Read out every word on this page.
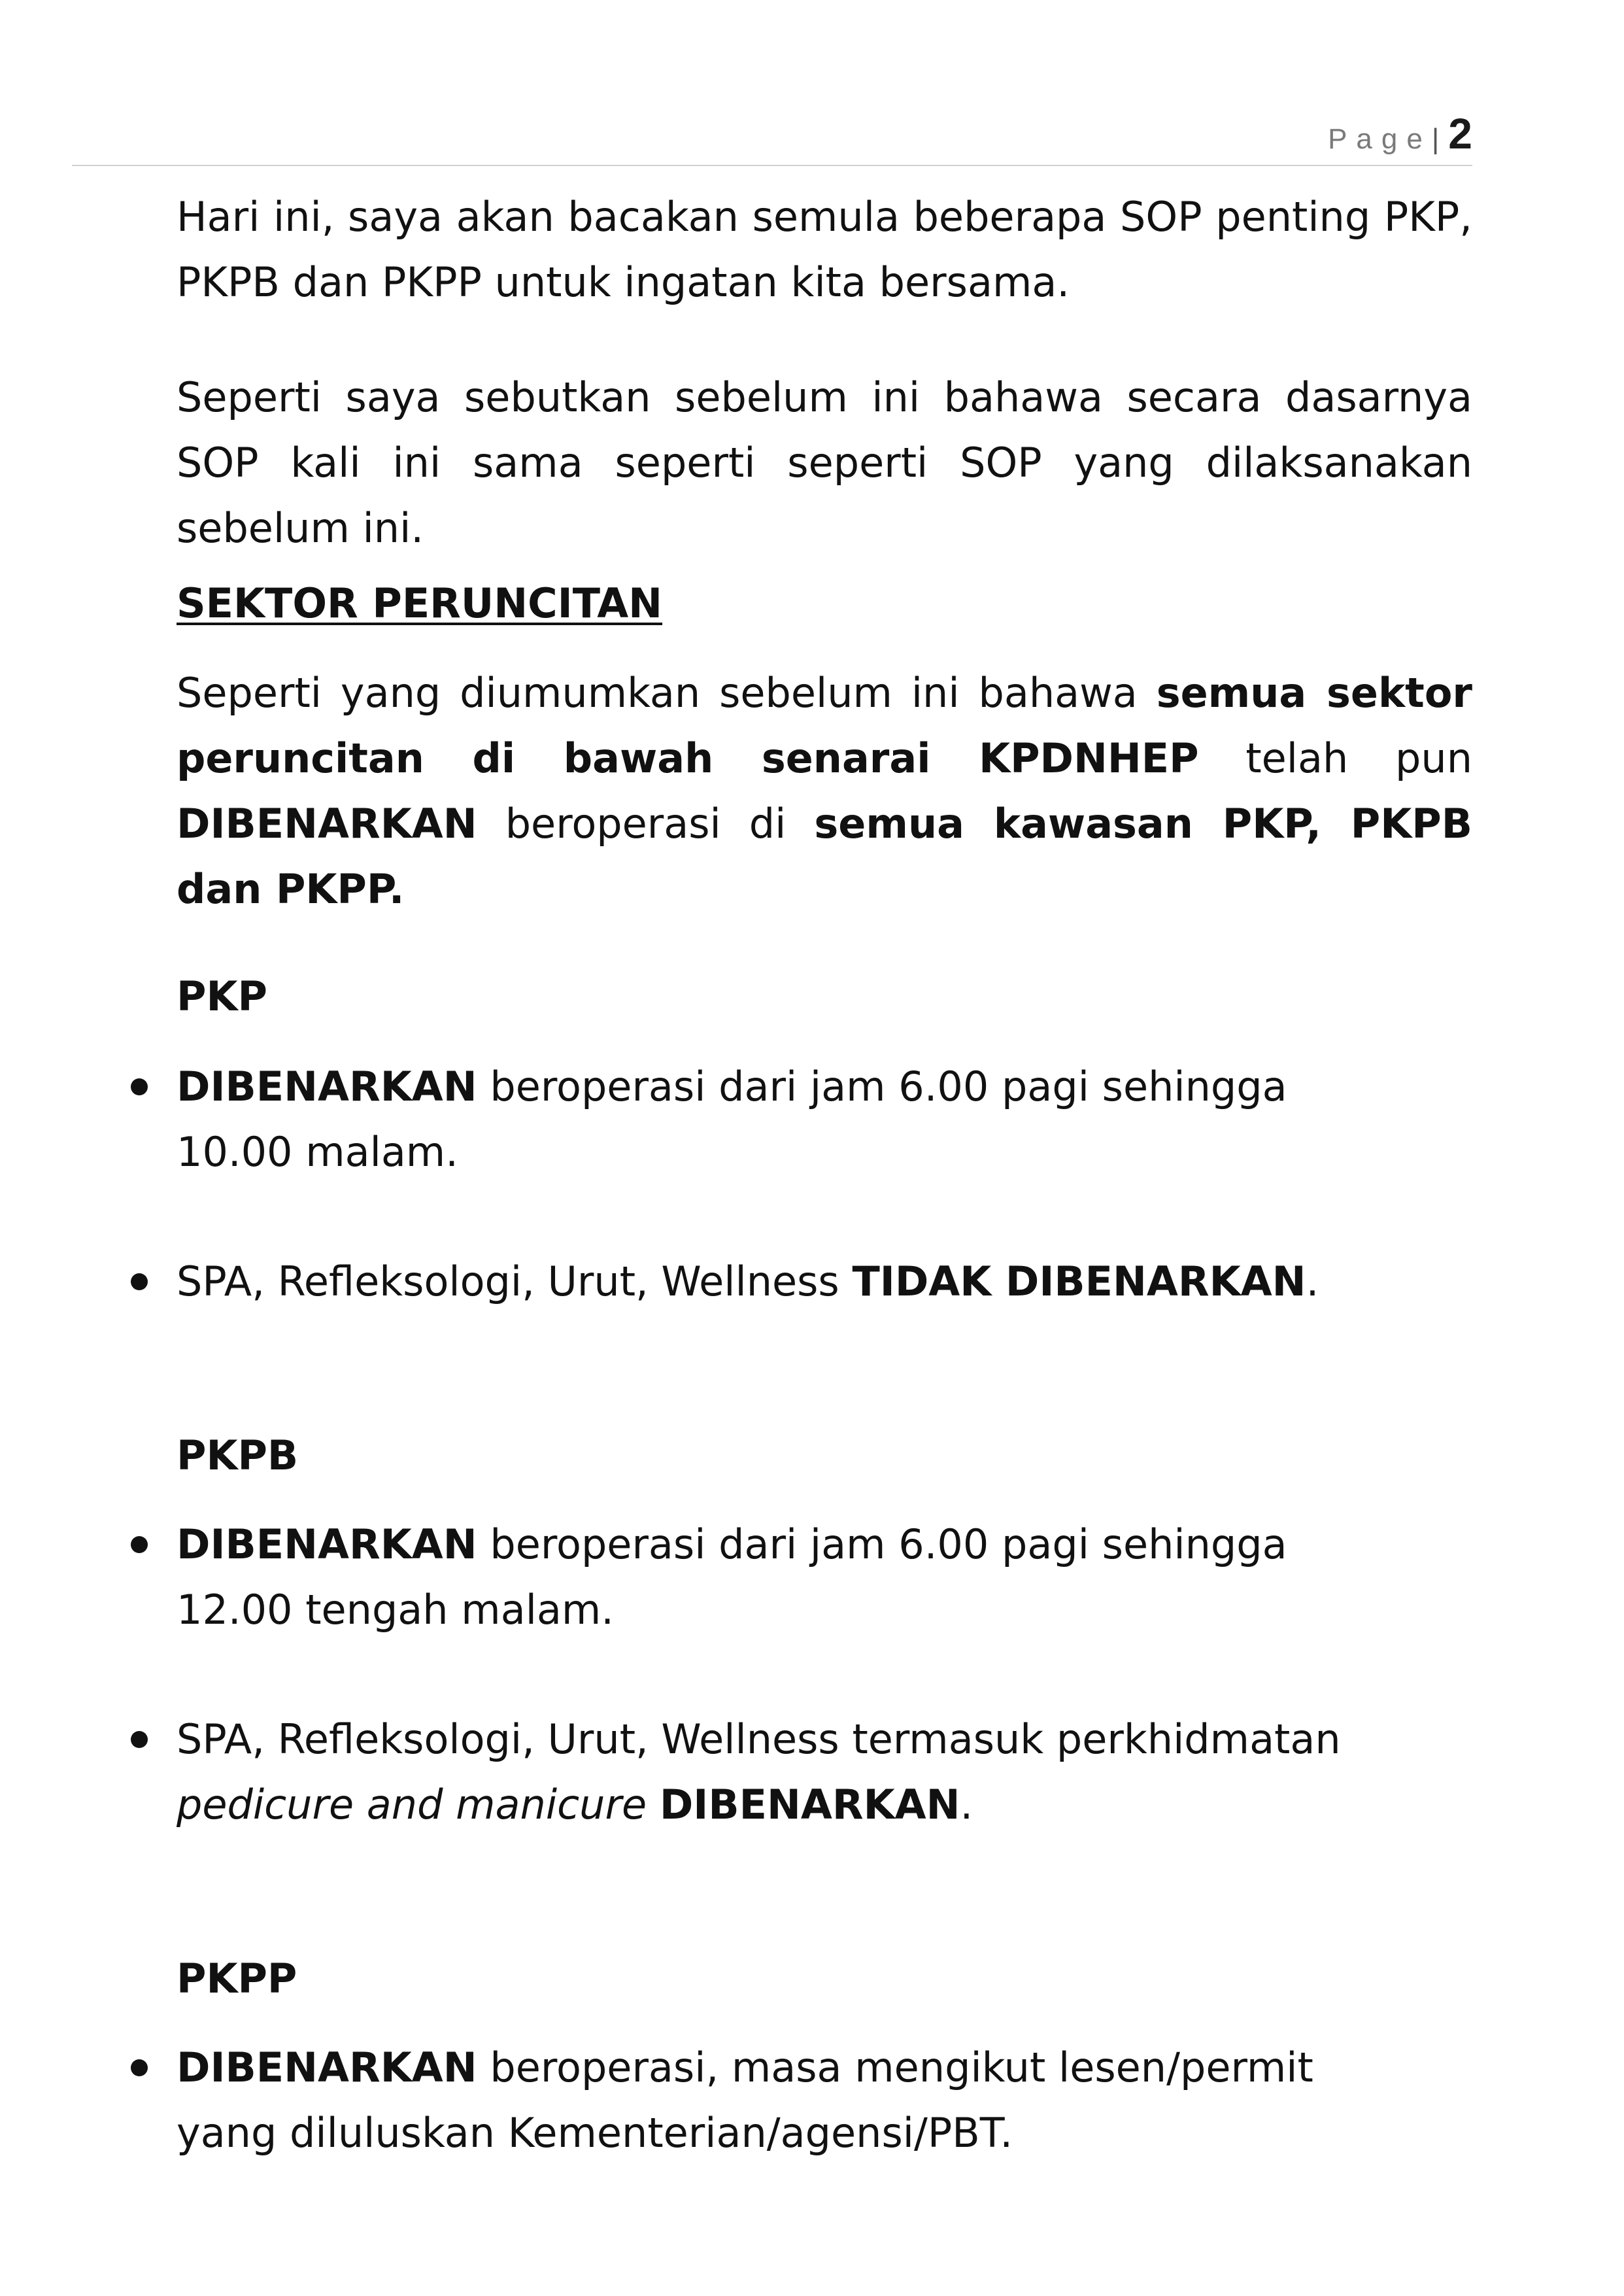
Page | 2

Hari ini, saya akan bacakan semula beberapa SOP penting PKP, PKPB dan PKPP untuk ingatan kita bersama.

Seperti saya sebutkan sebelum ini bahawa secara dasarnya SOP kali ini sama seperti seperti SOP yang dilaksanakan sebelum ini.

SEKTOR PERUNCITAN

Seperti yang diumumkan sebelum ini bahawa semua sektor peruncitan di bawah senarai KPDNHEP telah pun DIBENARKAN beroperasi di semua kawasan PKP, PKPB dan PKPP.

PKP

DIBENARKAN beroperasi dari jam 6.00 pagi sehingga 10.00 malam.
SPA, Refleksologi, Urut, Wellness TIDAK DIBENARKAN.

PKPB

DIBENARKAN beroperasi dari jam 6.00 pagi sehingga 12.00 tengah malam.
SPA, Refleksologi, Urut, Wellness termasuk perkhidmatan pedicure and manicure DIBENARKAN.

PKPP

DIBENARKAN beroperasi, masa mengikut lesen/permit yang diluluskan Kementerian/agensi/PBT.
